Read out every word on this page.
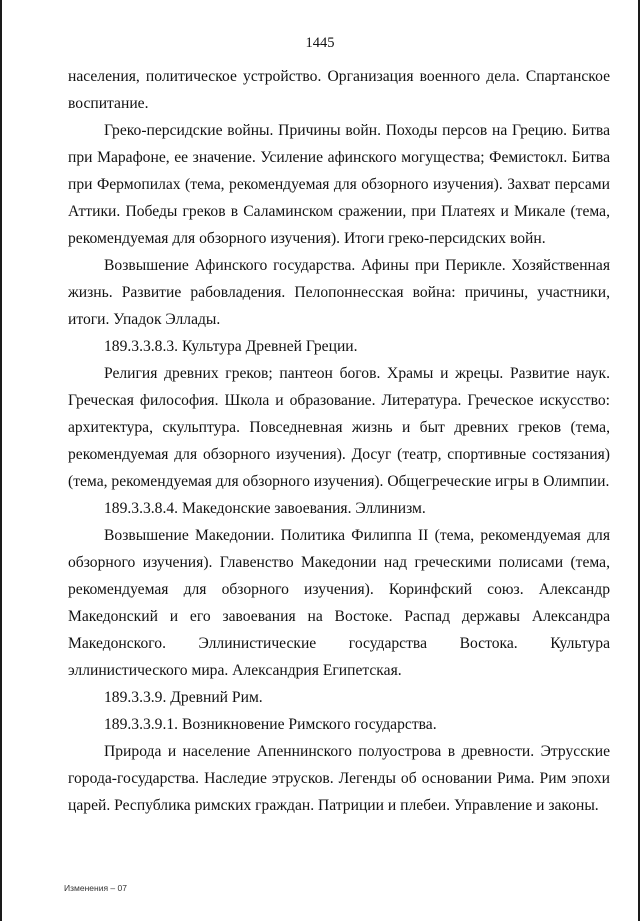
1445

населения, политическое устройство. Организация военного дела. Спартанское воспитание.

Греко-персидские войны. Причины войн. Походы персов на Грецию. Битва при Марафоне, ее значение. Усиление афинского могущества; Фемистокл. Битва при Фермопилах (тема, рекомендуемая для обзорного изучения). Захват персами Аттики. Победы греков в Саламинском сражении, при Платеях и Микале (тема, рекомендуемая для обзорного изучения). Итоги греко-персидских войн.

Возвышение Афинского государства. Афины при Перикле. Хозяйственная жизнь. Развитие рабовладения. Пелопоннесская война: причины, участники, итоги. Упадок Эллады.

189.3.3.8.3. Культура Древней Греции.

Религия древних греков; пантеон богов. Храмы и жрецы. Развитие наук. Греческая философия. Школа и образование. Литература. Греческое искусство: архитектура, скульптура. Повседневная жизнь и быт древних греков (тема, рекомендуемая для обзорного изучения). Досуг (театр, спортивные состязания) (тема, рекомендуемая для обзорного изучения). Общегреческие игры в Олимпии.

189.3.3.8.4. Македонские завоевания. Эллинизм.

Возвышение Македонии. Политика Филиппа II (тема, рекомендуемая для обзорного изучения). Главенство Македонии над греческими полисами (тема, рекомендуемая для обзорного изучения). Коринфский союз. Александр Македонский и его завоевания на Востоке. Распад державы Александра Македонского. Эллинистические государства Востока. Культура эллинистического мира. Александрия Египетская.

189.3.3.9. Древний Рим.

189.3.3.9.1. Возникновение Римского государства.

Природа и население Апеннинского полуострова в древности. Этрусские города-государства. Наследие этрусков. Легенды об основании Рима. Рим эпохи царей. Республика римских граждан. Патриции и плебеи. Управление и законы.

Изменения – 07
